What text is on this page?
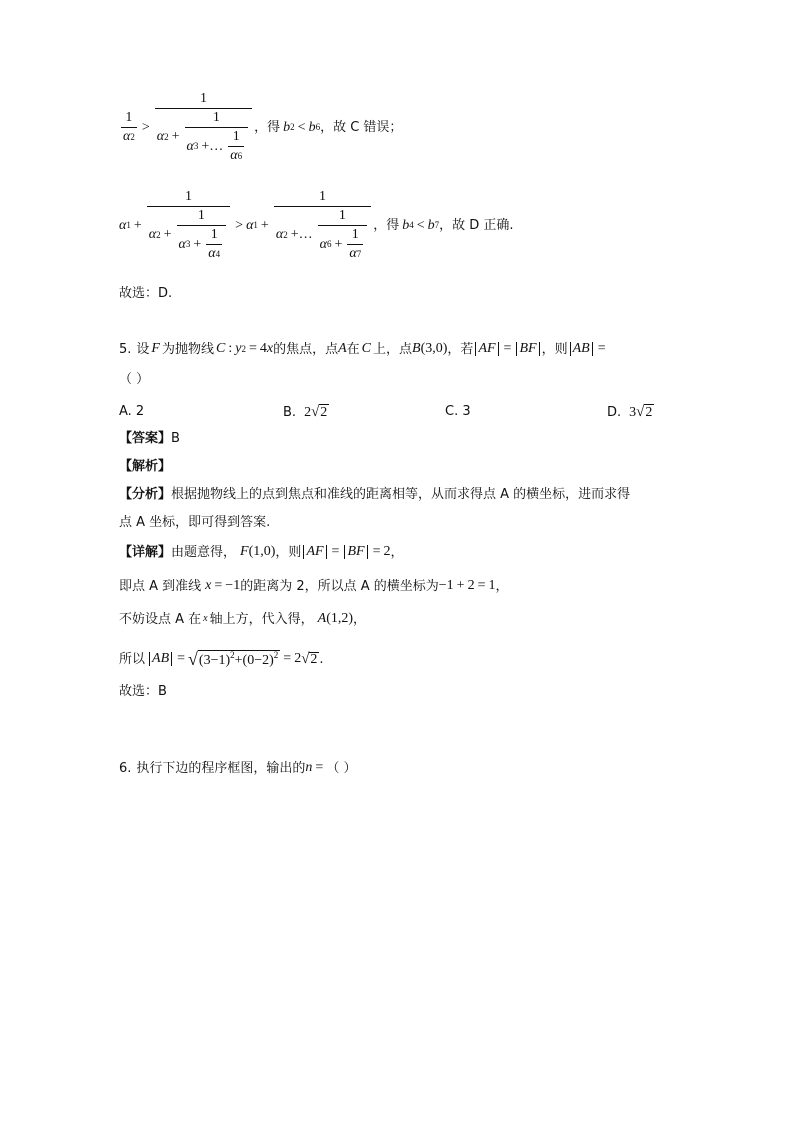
$\frac{1}{\alpha 2}$ >
1
α $2 + \frac{1}{\alpha 3 +\dots \frac{1}{\alpha 6}}$ ，得 b 2 < b 6 ， 故 C 错误；
α 1 +
1
α $2 + \frac{1}{\alpha 3 + \frac{1}{\alpha 4}} > \alpha$ 1 +
1
α 2 +… $\frac{1}{\alpha 6 + \frac{1}{\alpha 7}}$ ，得 b 4 < b 7 ，故 D 正确.
故选：D.
5. 设 F 为抛物线 C : y 2 = 4 x 的焦点，点 A 在 C 上，点 B (3,0) ，若 AF = BF ，则 AB =
（ ）
A. 2	B. 2 √ 2	C. 3	D. 3 √ 2
【答案】 B
【解析】
【分析】 根据抛物线上的点到焦点和准线的距离相等，从而求得点 A 的横坐标，进而求得
点 A 坐标，即可得到答案.
【详解】 由题意得， F (1,0) ，则 AF = BF = 2 ，
即点 A 到准线 x = −1 的距离为 2，所以点 A 的横坐标为 −1 + 2 = 1 ，
不妨设点 A 在 x 轴上方，代入得， A (1,2) ，
所以 AB = √ $(3-1)^2+(0-2)^2 = 2$ √ 2 .
故选：B
6. 执行下边的程序框图，输出的 n = （ ）
